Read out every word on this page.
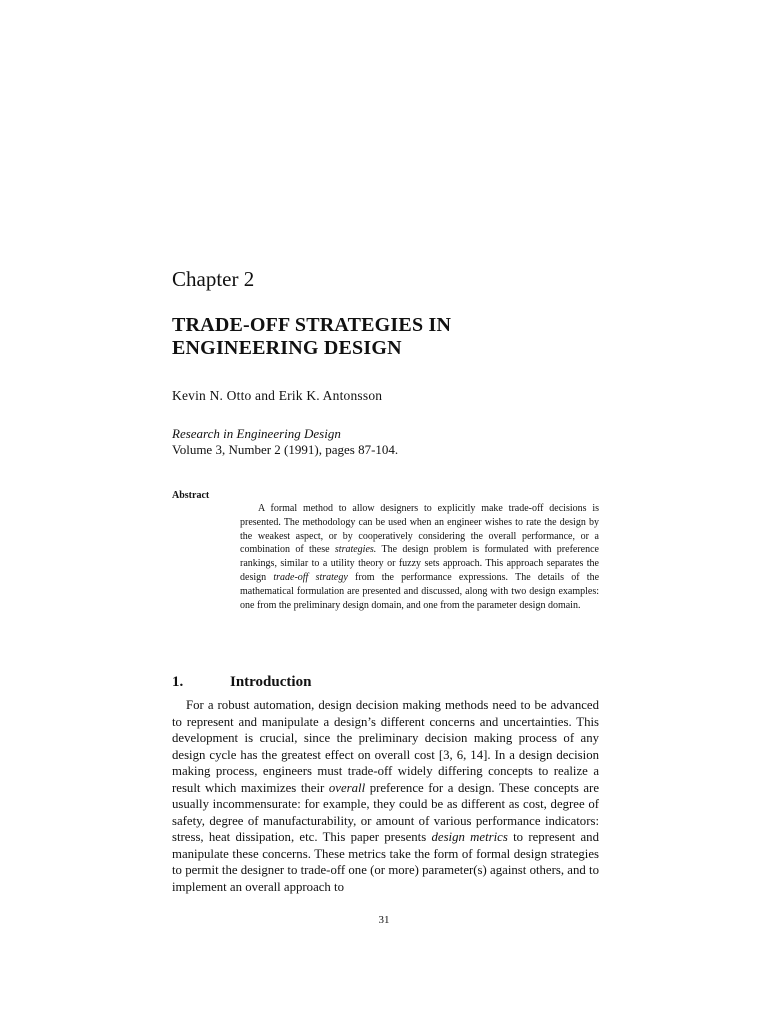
Chapter 2
TRADE-OFF STRATEGIES IN
ENGINEERING DESIGN
Kevin N. Otto and Erik K. Antonsson
Research in Engineering Design
Volume 3, Number 2 (1991), pages 87-104.
Abstract
A formal method to allow designers to explicitly make trade-off decisions is presented. The methodology can be used when an engineer wishes to rate the design by the weakest aspect, or by cooperatively considering the overall performance, or a combination of these strategies. The design problem is formulated with preference rankings, similar to a utility theory or fuzzy sets approach. This approach separates the design trade-off strategy from the performance expressions. The details of the mathematical formulation are presented and discussed, along with two design examples: one from the preliminary design domain, and one from the parameter design domain.
1.	Introduction
For a robust automation, design decision making methods need to be advanced to represent and manipulate a design’s different concerns and uncertainties. This development is crucial, since the preliminary decision making process of any design cycle has the greatest effect on overall cost [3, 6, 14]. In a design decision making process, engineers must trade-off widely differing concepts to realize a result which maximizes their overall preference for a design. These concepts are usually incommensurate: for example, they could be as different as cost, degree of safety, degree of manufacturability, or amount of various performance indicators: stress, heat dissipation, etc. This paper presents design metrics to represent and manipulate these concerns. These metrics take the form of formal design strategies to permit the designer to trade-off one (or more) parameter(s) against others, and to implement an overall approach to
31
